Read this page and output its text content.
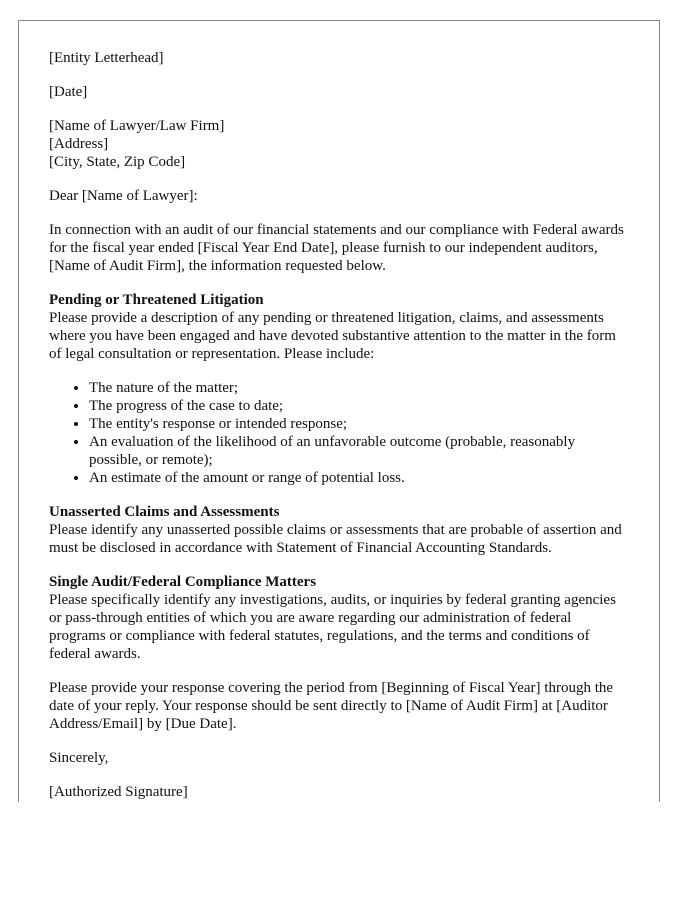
[Entity Letterhead]

[Date]

[Name of Lawyer/Law Firm]
[Address]
[City, State, Zip Code]

Dear [Name of Lawyer]:

In connection with an audit of our financial statements and our compliance with Federal awards for the fiscal year ended [Fiscal Year End Date], please furnish to our independent auditors, [Name of Audit Firm], the information requested below.

Pending or Threatened Litigation

Please provide a description of any pending or threatened litigation, claims, and assessments where you have been engaged and have devoted substantive attention to the matter in the form of legal consultation or representation. Please include:

• The nature of the matter;
• The progress of the case to date;
• The entity's response or intended response;
• An evaluation of the likelihood of an unfavorable outcome (probable, reasonably possible, or remote);
• An estimate of the amount or range of potential loss.
Unasserted Claims and Assessments

Please identify any unasserted possible claims or assessments that are probable of assertion and must be disclosed in accordance with Statement of Financial Accounting Standards.

Single Audit/Federal Compliance Matters

Please specifically identify any investigations, audits, or inquiries by federal granting agencies or pass-through entities of which you are aware regarding our administration of federal programs or compliance with federal statutes, regulations, and the terms and conditions of federal awards.

Please provide your response covering the period from [Beginning of Fiscal Year] through the date of your reply. Your response should be sent directly to [Name of Audit Firm] at [Auditor Address/Email] by [Due Date].

Sincerely,

[Authorized Signature]
